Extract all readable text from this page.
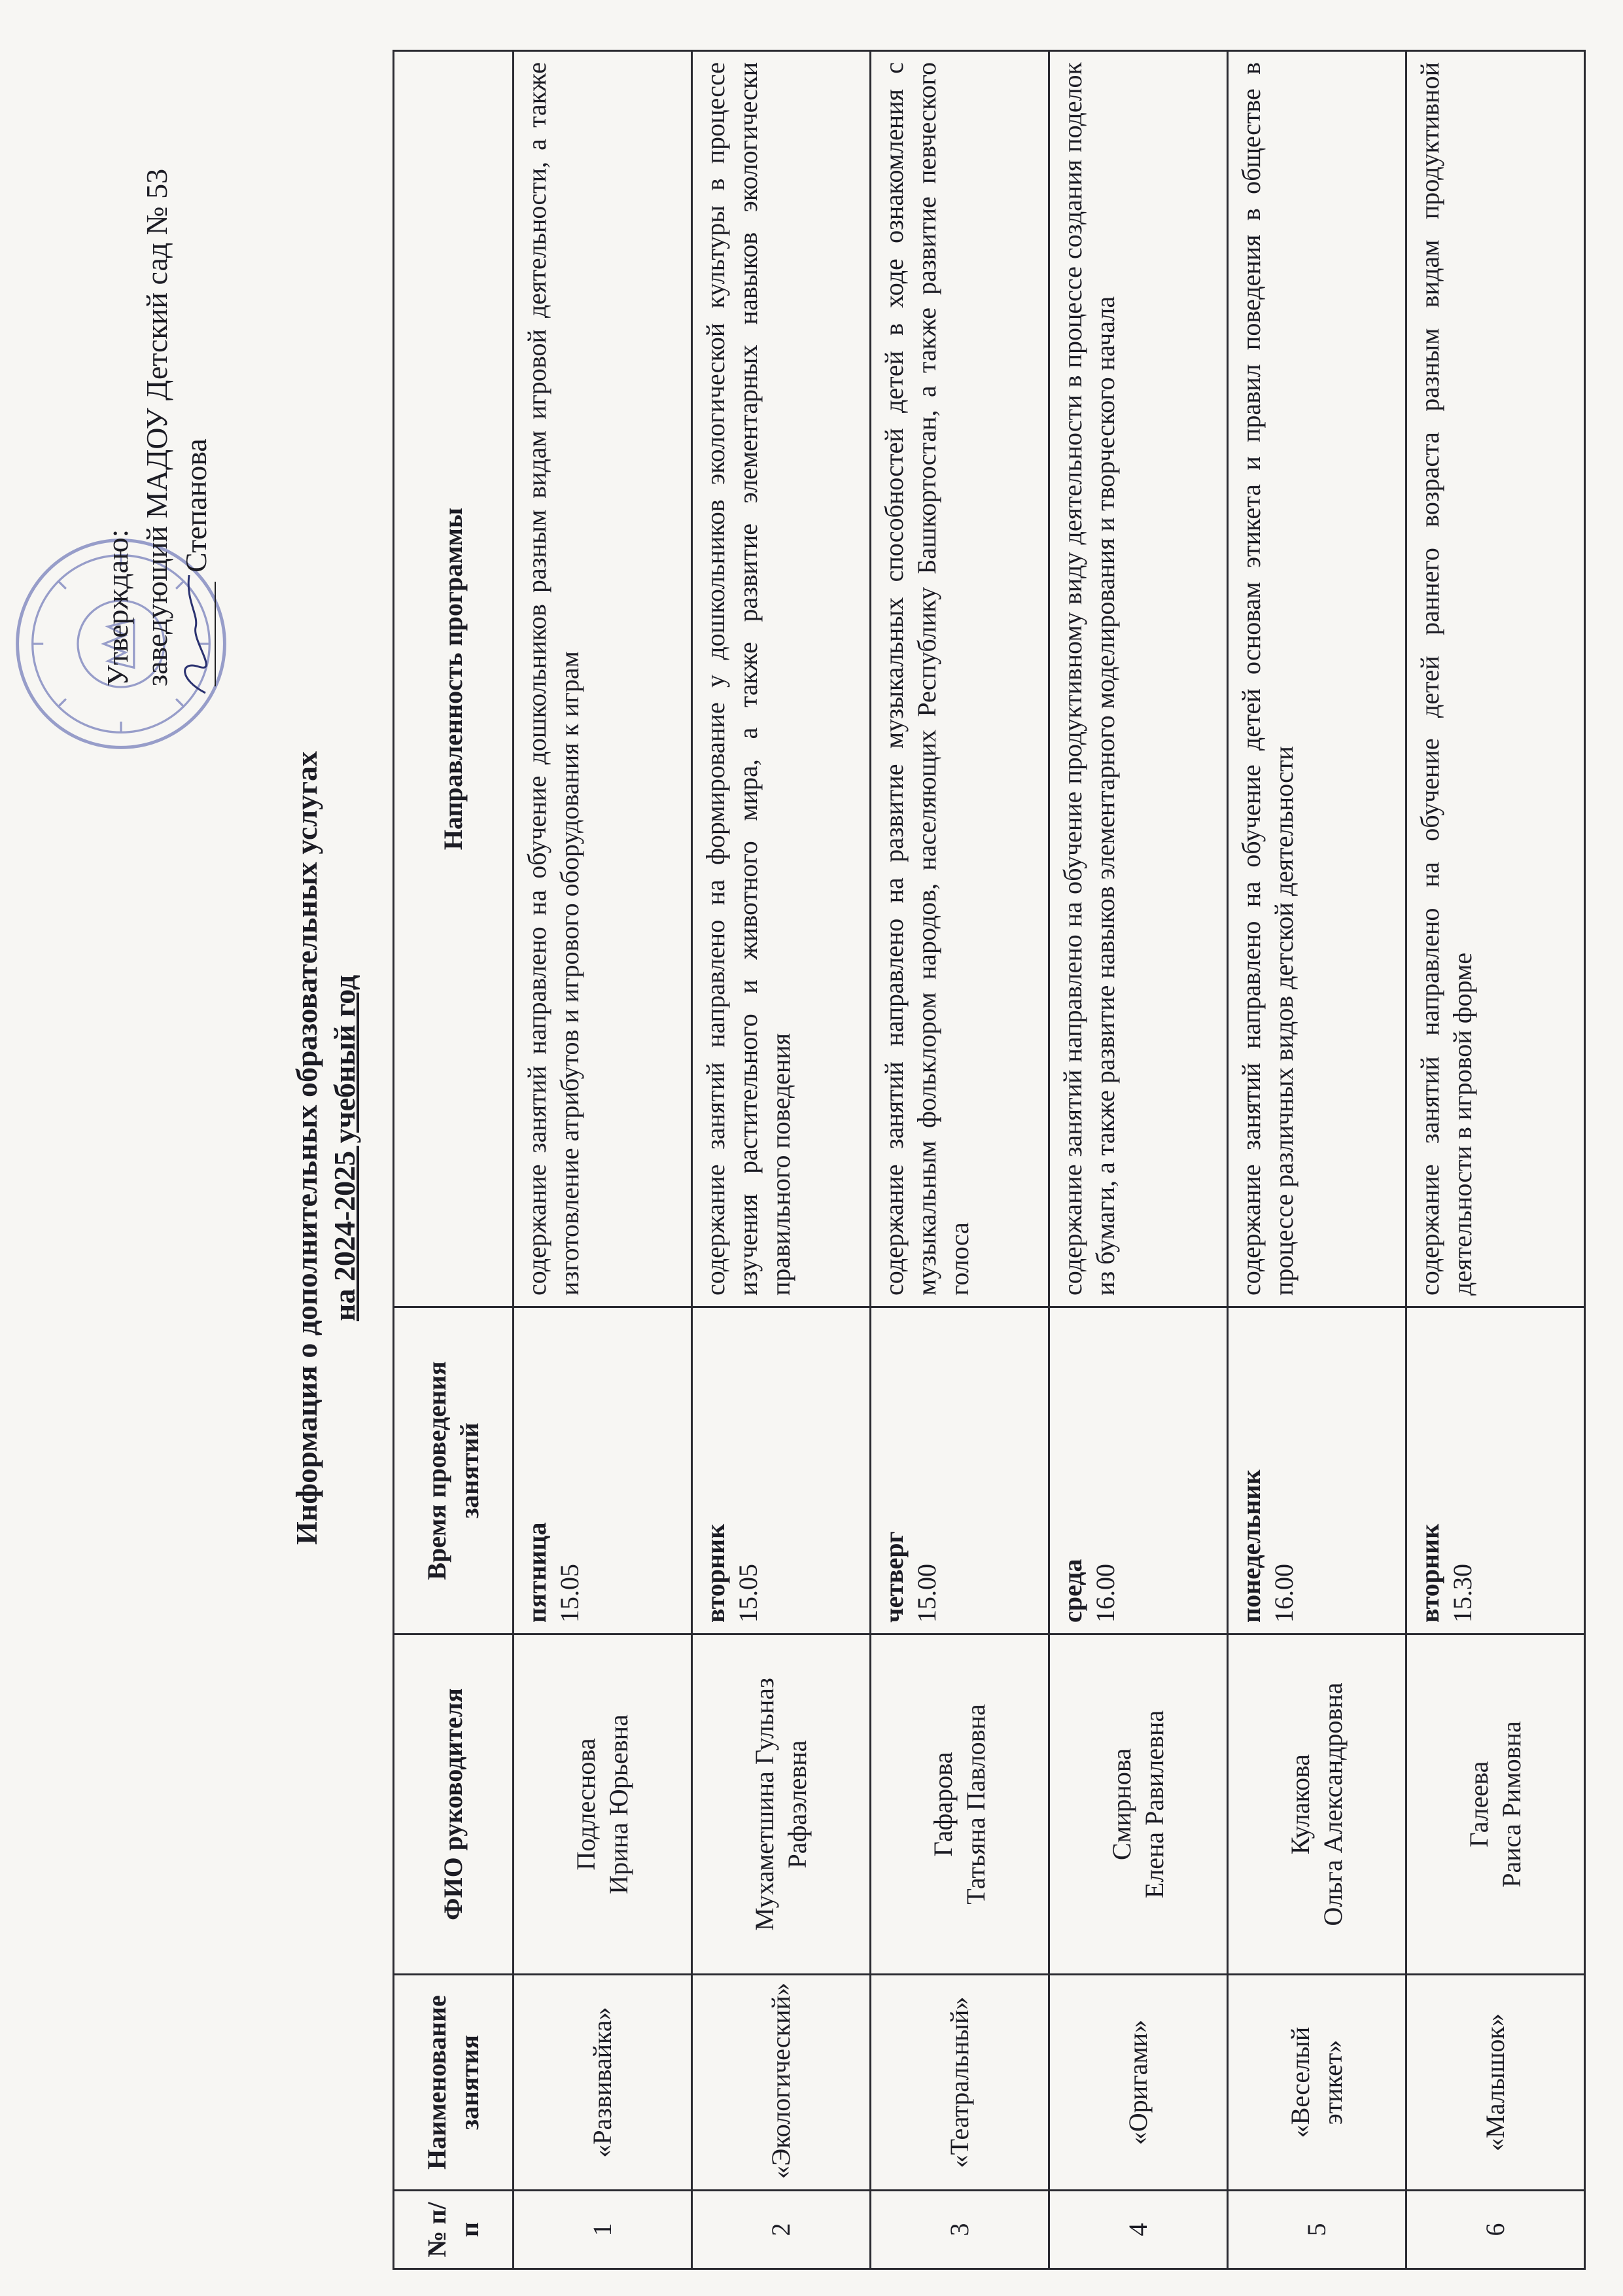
Утверждаю: заведующий МАДОУ Детский сад № 53 Степанова
Информация о дополнительных образовательных услугах на 2024-2025 учебный год
№ п/п	Наименование занятия	ФИО руководителя	Время проведения занятий	Направленность программы
1	«Развивайка»	Подлеснова Ирина Юрьевна	пятница 15.05	содержание занятий направлено на обучение дошкольников разным видам игровой деятельности, а также изготовление атрибутов и игрового оборудования к играм
2	«Экологический»	Мухаметшина Гульназ Рафаэлевна	вторник 15.05	содержание занятий направлено на формирование у дошкольников экологической культуры в процессе изучения растительного и животного мира, а также развитие элементарных навыков экологически правильного поведения
3	«Театральный»	Гафарова Татьяна Павловна	четверг 15.00	содержание занятий направлено на развитие музыкальных способностей детей в ходе ознакомления с музыкальным фольклором народов, населяющих Республику Башкортостан, а также развитие певческого голоса
4	«Оригами»	Смирнова Елена Равилевна	среда 16.00	содержание занятий направлено на обучение продуктивному виду деятельности в процессе создания поделок из бумаги, а также развитие навыков элементарного моделирования и творческого начала
5	«Веселый этикет»	Кулакова Ольга Александровна	понедельник 16.00	содержание занятий направлено на обучение детей основам этикета и правил поведения в обществе в процессе различных видов детской деятельности
6	«Малышок»	Галеева Раиса Римовна	вторник 15.30	содержание занятий направлено на обучение детей раннего возраста разным видам продуктивной деятельности в игровой форме
